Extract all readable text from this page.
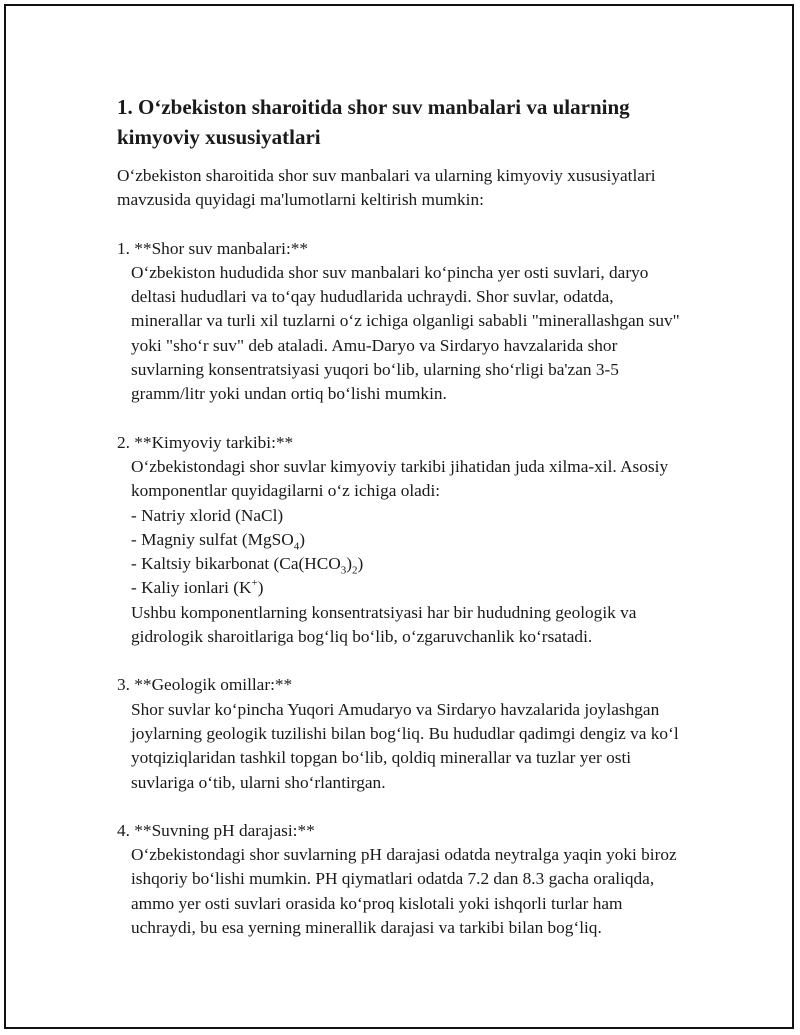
1. O‘zbekiston sharoitida shor suv manbalari va ularning kimyoviy xususiyatlari

O‘zbekiston sharoitida shor suv manbalari va ularning kimyoviy xususiyatlari mavzusida quyidagi ma'lumotlarni keltirish mumkin:

1. **Shor suv manbalari:**

O‘zbekiston hududida shor suv manbalari ko‘pincha yer osti suvlari, daryo deltasi hududlari va to‘qay hududlarida uchraydi. Shor suvlar, odatda, minerallar va turli xil tuzlarni o‘z ichiga olganligi sababli "minerallashgan suv" yoki "sho‘r suv" deb ataladi. Amu-Daryo va Sirdaryo havzalarida shor suvlarning konsentratsiyasi yuqori bo‘lib, ularning sho‘rligi ba'zan 3-5 gramm/litr yoki undan ortiq bo‘lishi mumkin.

2. **Kimyoviy tarkibi:**

O‘zbekistondagi shor suvlar kimyoviy tarkibi jihatidan juda xilma-xil. Asosiy komponentlar quyidagilarni o‘z ichiga oladi:

- Natriy xlorid (NaCl)
- Magniy sulfat (MgSO$_4$)
- Kaltsiy bikarbonat $(Ca(HCO_3)_2)$
- Kaliy ionlari (K+)

Ushbu komponentlarning konsentratsiyasi har bir hududning geologik va gidrologik sharoitlariga bog‘liq bo‘lib, o‘zgaruvchanlik ko‘rsatadi.

3. **Geologik omillar:**

Shor suvlar ko‘pincha Yuqori Amudaryo va Sirdaryo havzalarida joylashgan joylarning geologik tuzilishi bilan bog‘liq. Bu hududlar qadimgi dengiz va ko‘l yotqiziqlaridan tashkil topgan bo‘lib, qoldiq minerallar va tuzlar yer osti suvlariga o‘tib, ularni sho‘rlantirgan.

4. **Suvning pH darajasi:**

O‘zbekistondagi shor suvlarning pH darajasi odatda neytralga yaqin yoki biroz ishqoriy bo‘lishi mumkin. PH qiymatlari odatda 7.2 dan 8.3 gacha oraliqda, ammo yer osti suvlari orasida ko‘proq kislotali yoki ishqorli turlar ham uchraydi, bu esa yerning minerallik darajasi va tarkibi bilan bog‘liq.
